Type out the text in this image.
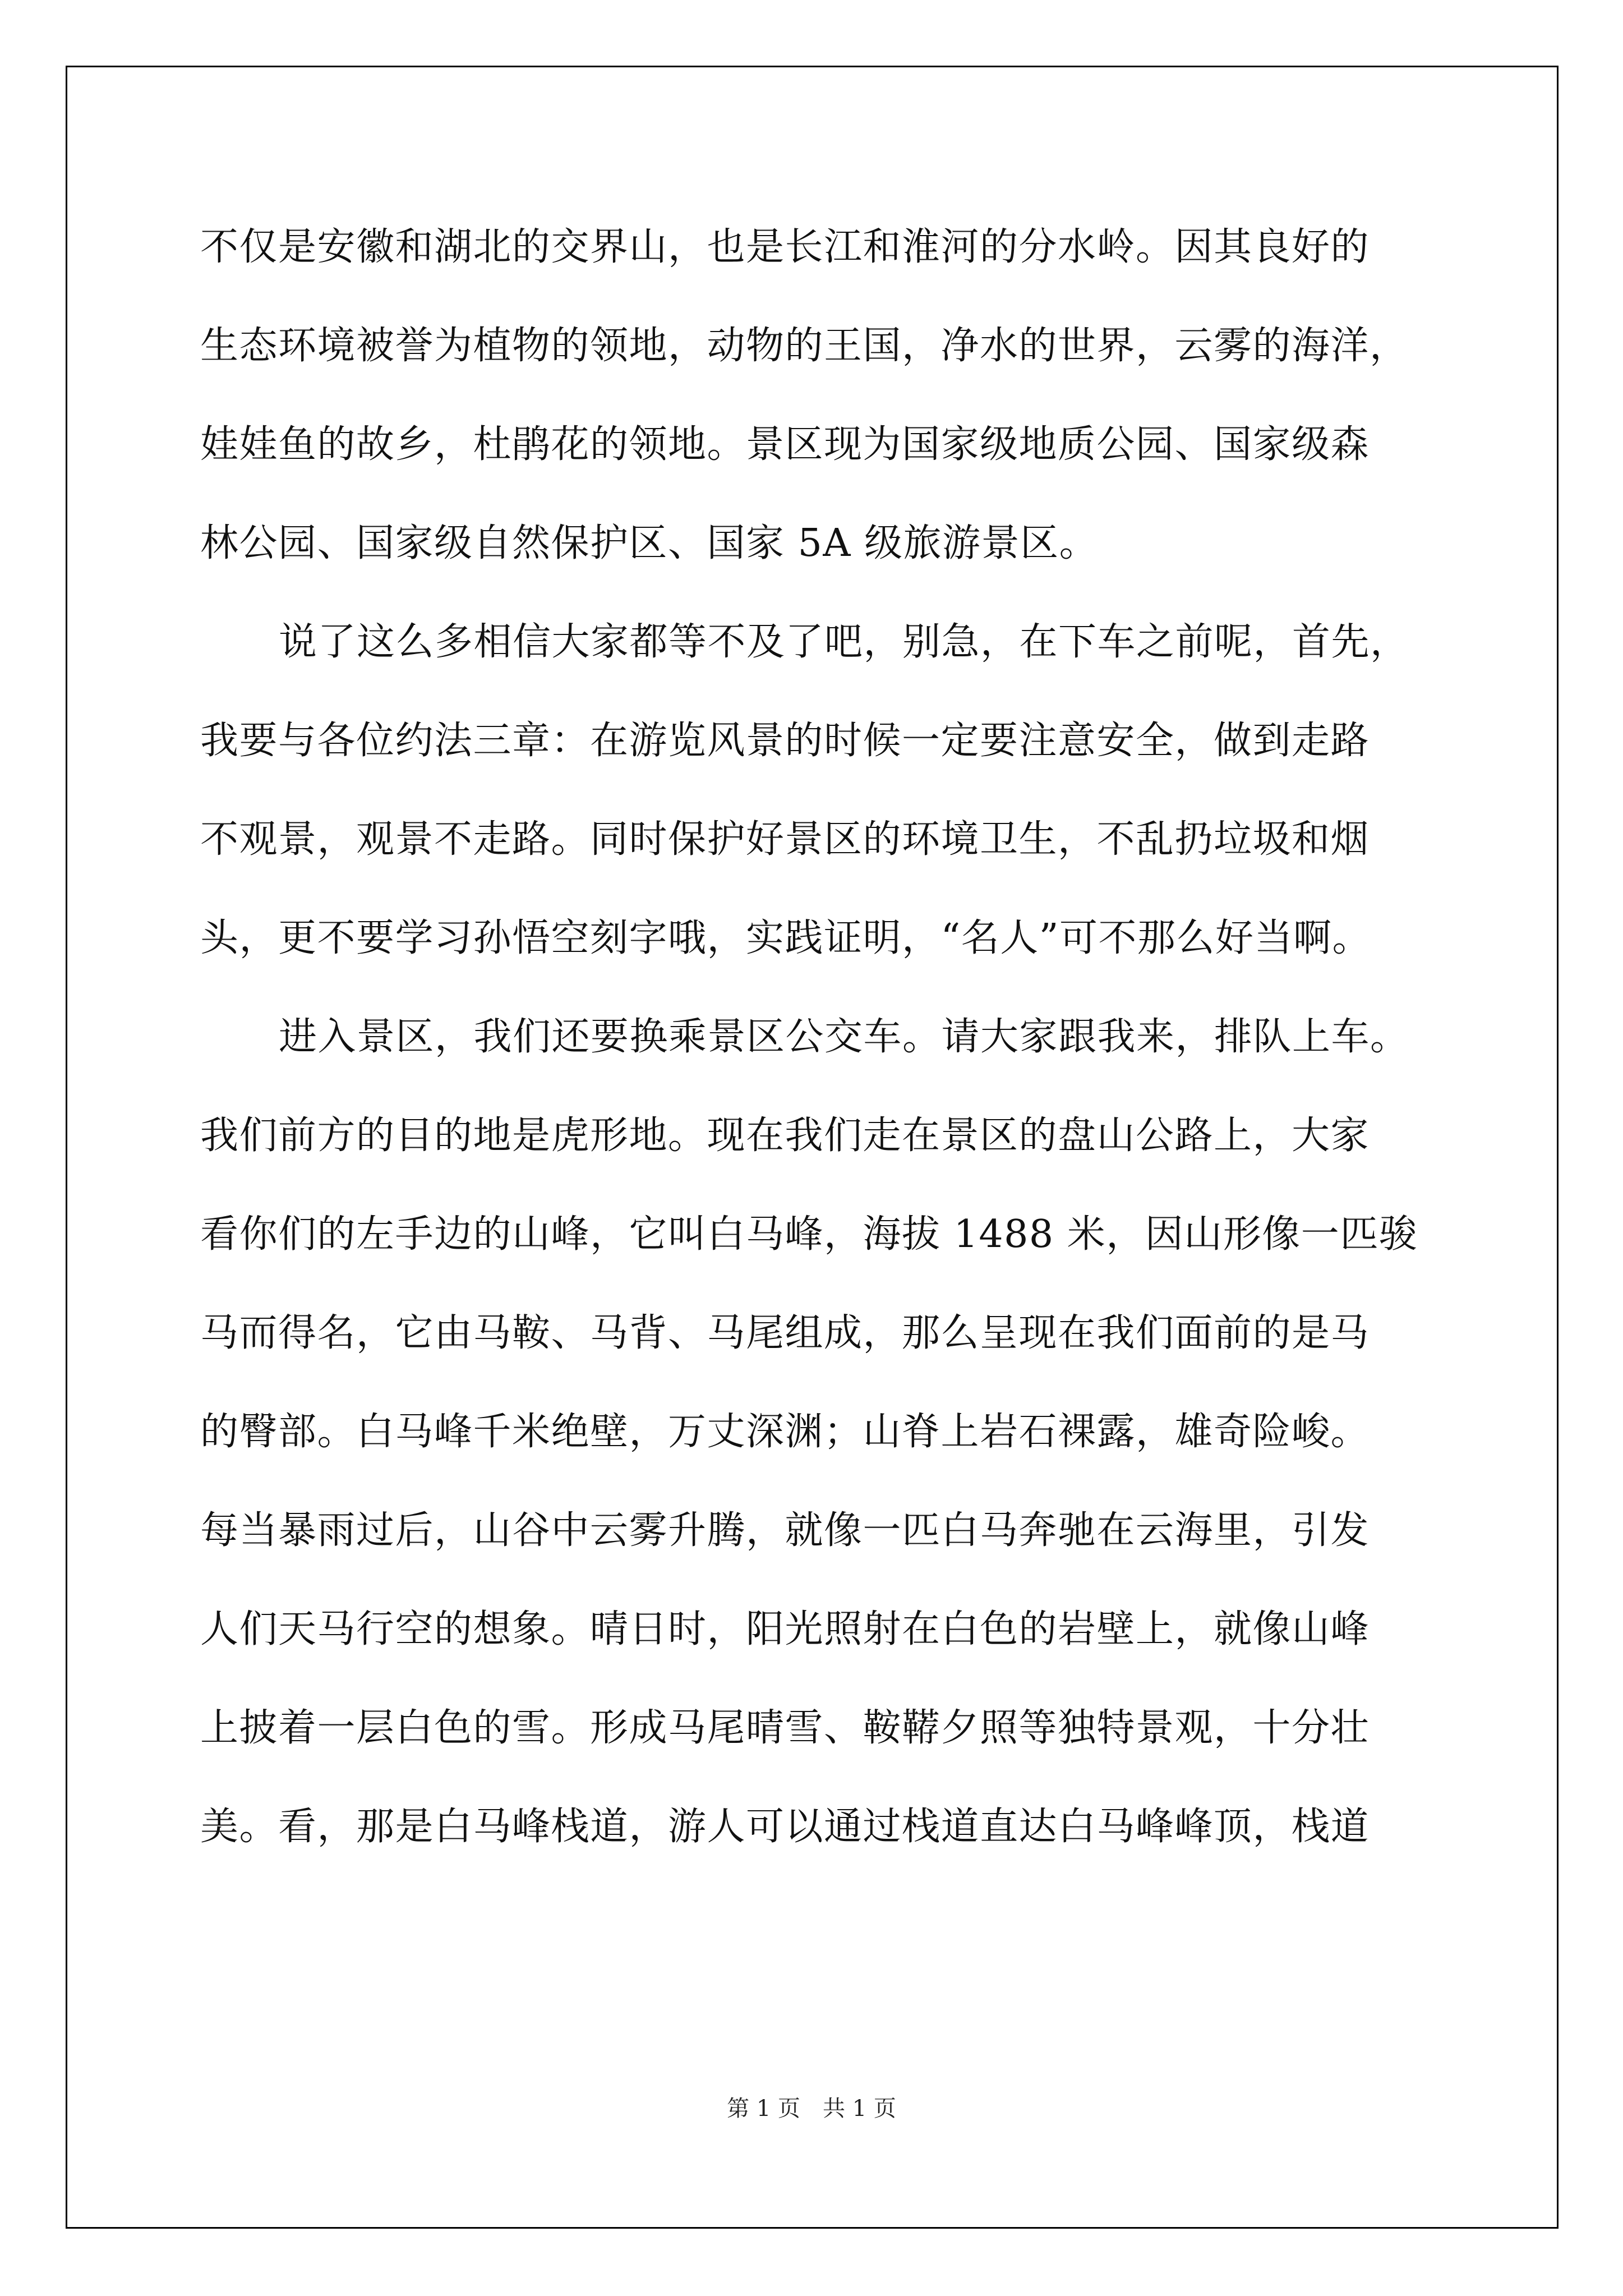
不仅是安徽和湖北的交界山，也是长江和淮河的分水岭。因其良好的
生态环境被誉为植物的领地，动物的王国，净水的世界，云雾的海洋，
娃娃鱼的故乡，杜鹃花的领地。景区现为国家级地质公园、国家级森
林公园、国家级自然保护区、国家 5A 级旅游景区。
说了这么多相信大家都等不及了吧，别急，在下车之前呢，首先，
我要与各位约法三章：在游览风景的时候一定要注意安全，做到走路
不观景，观景不走路。同时保护好景区的环境卫生，不乱扔垃圾和烟
头，更不要学习孙悟空刻字哦，实践证明，“名人”可不那么好当啊。
进入景区，我们还要换乘景区公交车。请大家跟我来，排队上车。
我们前方的目的地是虎形地。现在我们走在景区的盘山公路上，大家
看你们的左手边的山峰，它叫白马峰，海拔 1488 米，因山形像一匹骏
马而得名，它由马鞍、马背、马尾组成，那么呈现在我们面前的是马
的臀部。白马峰千米绝壁，万丈深渊；山脊上岩石裸露，雄奇险峻。
每当暴雨过后，山谷中云雾升腾，就像一匹白马奔驰在云海里，引发
人们天马行空的想象。晴日时，阳光照射在白色的岩壁上，就像山峰
上披着一层白色的雪。形成马尾晴雪、鞍鞯夕照等独特景观，十分壮
美。看，那是白马峰栈道，游人可以通过栈道直达白马峰峰顶，栈道
第 1 页　共 1 页
